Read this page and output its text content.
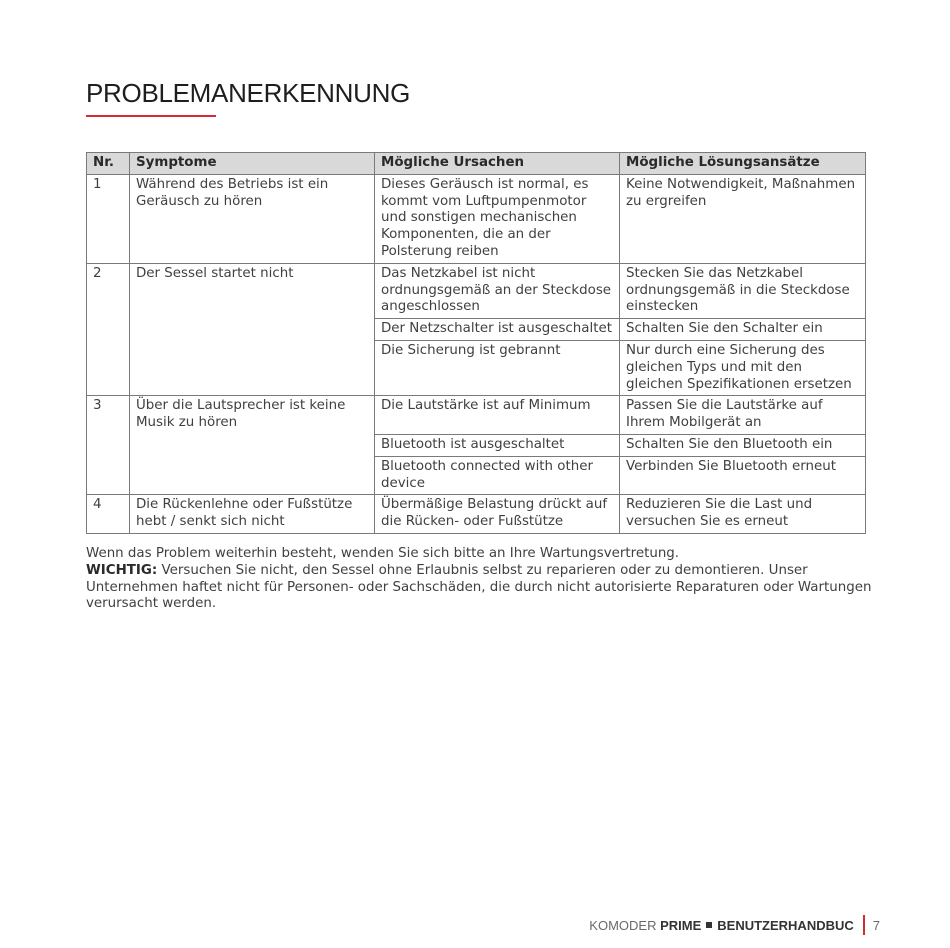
PROBLEMANERKENNUNG
Nr.	Symptome	Mögliche Ursachen	Mögliche Lösungsansätze
1	Während des Betriebs ist ein Geräusch zu hören	Dieses Geräusch ist normal, es kommt vom Luftpumpenmotor und sonstigen mechanischen Komponenten, die an der Polsterung reiben	Keine Notwendigkeit, Maßnahmen zu ergreifen
2	Der Sessel startet nicht	Das Netzkabel ist nicht ordnungsgemäß an der Steckdose angeschlossen	Stecken Sie das Netzkabel ordnungsgemäß in die Steckdose einstecken
		Der Netzschalter ist ausgeschaltet	Schalten Sie den Schalter ein
		Die Sicherung ist gebrannt	Nur durch eine Sicherung des gleichen Typs und mit den gleichen Spezifikationen ersetzen
3	Über die Lautsprecher ist keine Musik zu hören	Die Lautstärke ist auf Minimum	Passen Sie die Lautstärke auf Ihrem Mobilgerät an
		Bluetooth ist ausgeschaltet	Schalten Sie den Bluetooth ein
		Bluetooth connected with other device	Verbinden Sie Bluetooth erneut
4	Die Rückenlehne oder Fußstütze hebt / senkt sich nicht	Übermäßige Belastung drückt auf die Rücken- oder Fußstütze	Reduzieren Sie die Last und versuchen Sie es erneut

Wenn das Problem weiterhin besteht, wenden Sie sich bitte an Ihre Wartungsvertretung.

WICHTIG: Versuchen Sie nicht, den Sessel ohne Erlaubnis selbst zu reparieren oder zu demontieren. Unser Unternehmen haftet nicht für Personen- oder Sachschäden, die durch nicht autorisierte Reparaturen oder Wartungen verursacht werden.

KOMODER
PRIME BENUTZERHANDBUC 7
